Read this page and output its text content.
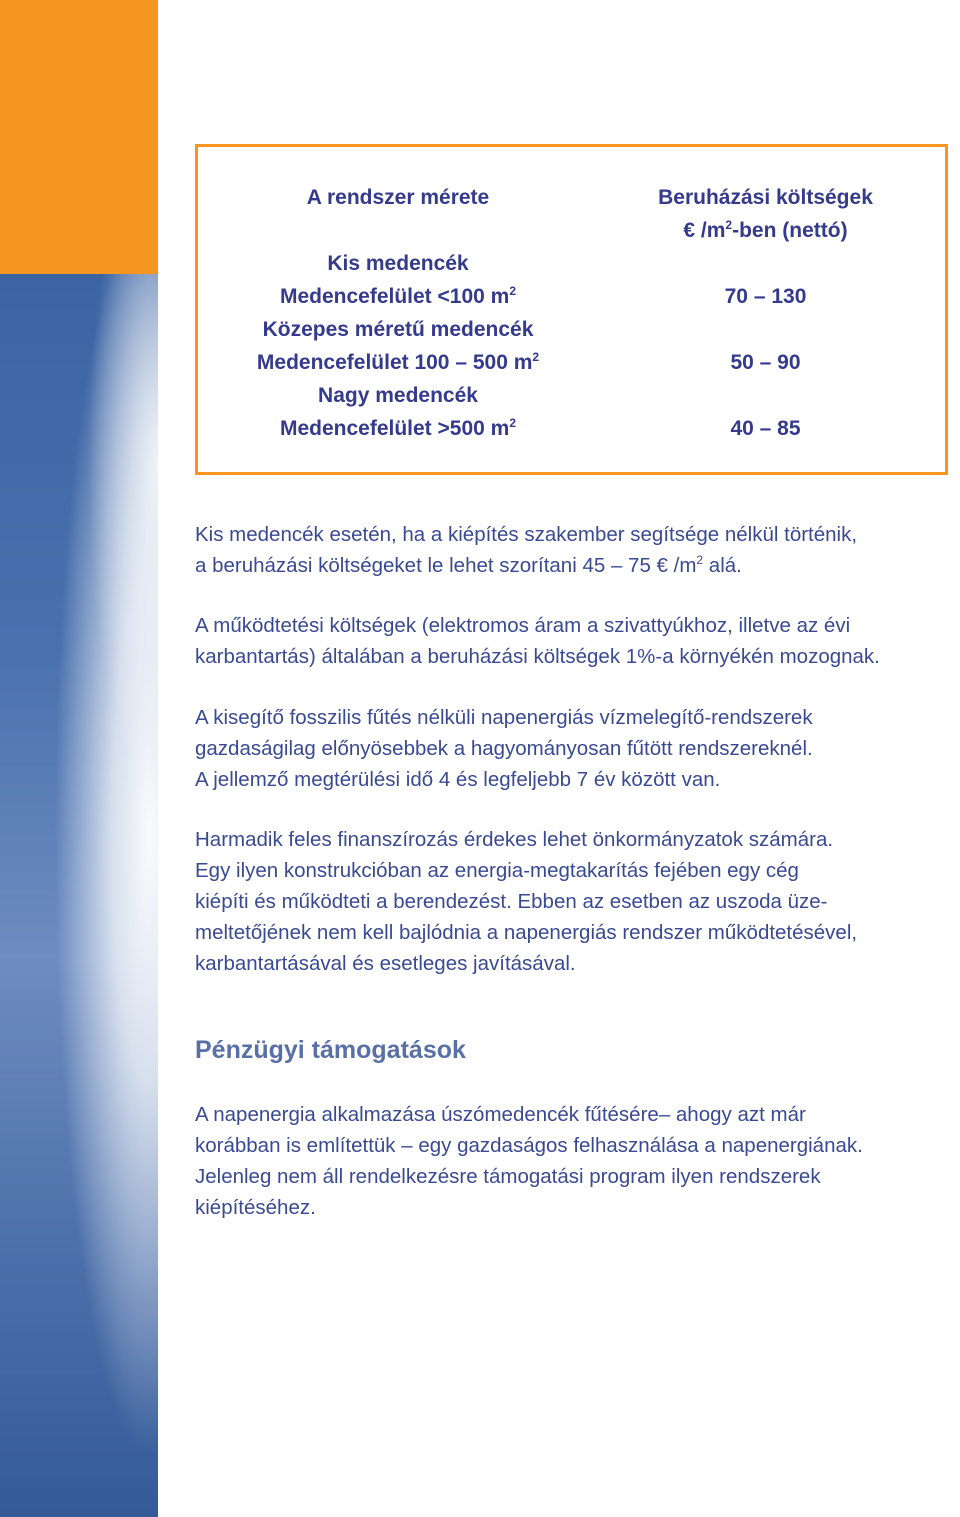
A rendszer mérete	Beruházási költségek
€ $/m^2$-ben (nettó)
Kis medencék
Medencefelület <100 $m^2$	70 – 130
Közepes méretű medencék
Medencefelület 100 – 500 $m^2$	50 – 90
Nagy medencék
Medencefelület >500 $m^2$	40 – 85
Kis medencék esetén, ha a kiépítés szakember segítsége nélkül történik,
a beruházási költségeket le lehet szorítani 45 – 75 € $/m^2$ alá.
A működtetési költségek (elektromos áram a szivattyúkhoz, illetve az évi
karbantartás) általában a beruházási költségek 1%-a környékén mozognak.
A kisegítő fosszilis fűtés nélküli napenergiás vízmelegítő-rendszerek
gazdaságilag előnyösebbek a hagyományosan fűtött rendszereknél.
A jellemző megtérülési idő 4 és legfeljebb 7 év között van.
Harmadik feles finanszírozás érdekes lehet önkormányzatok számára.
Egy ilyen konstrukcióban az energia-megtakarítás fejében egy cég
kiépíti és működteti a berendezést. Ebben az esetben az uszoda üze-
meltetőjének nem kell bajlódnia a napenergiás rendszer működtetésével,
karbantartásával és esetleges javításával.
Pénzügyi támogatások
A napenergia alkalmazása úszómedencék fűtésére– ahogy azt már
korábban is említettük – egy gazdaságos felhasználása a napenergiának.
Jelenleg nem áll rendelkezésre támogatási program ilyen rendszerek
kiépítéséhez.
